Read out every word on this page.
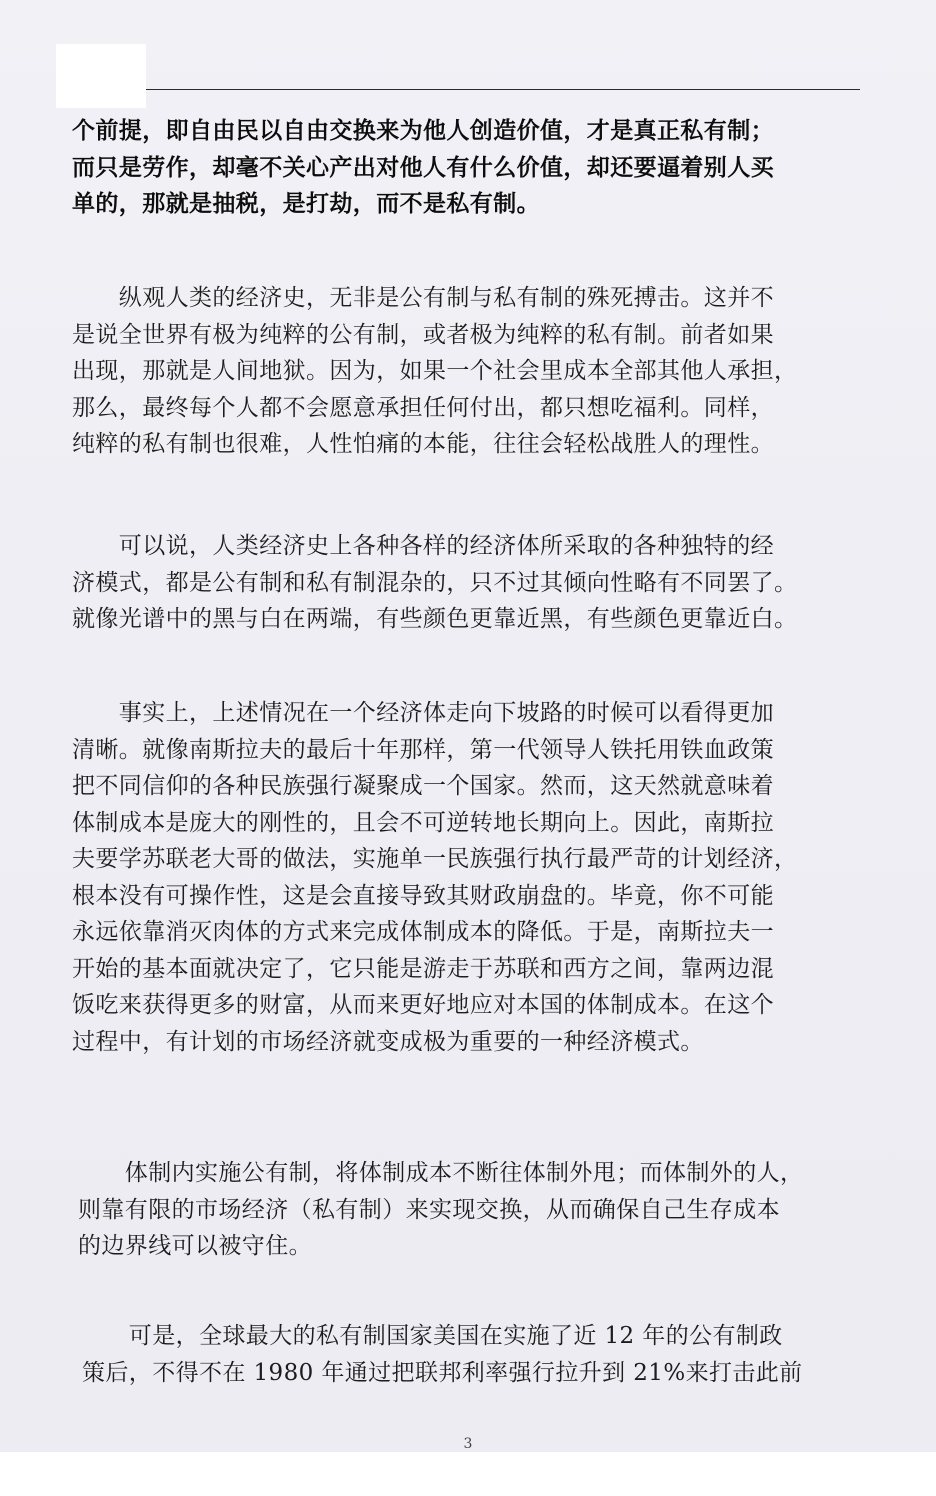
个前提，即自由民以自由交换来为他人创造价值，才是真正私有制；
而只是劳作，却毫不关心产出对他人有什么价值，却还要逼着别人买
单的，那就是抽税，是打劫，而不是私有制。
　　纵观人类的经济史，无非是公有制与私有制的殊死搏击。这并不
是说全世界有极为纯粹的公有制，或者极为纯粹的私有制。前者如果
出现，那就是人间地狱。因为，如果一个社会里成本全部其他人承担，
那么，最终每个人都不会愿意承担任何付出，都只想吃福利。同样，
纯粹的私有制也很难，人性怕痛的本能，往往会轻松战胜人的理性。
　　可以说，人类经济史上各种各样的经济体所采取的各种独特的经
济模式，都是公有制和私有制混杂的，只不过其倾向性略有不同罢了。
就像光谱中的黑与白在两端，有些颜色更靠近黑，有些颜色更靠近白。
　　事实上，上述情况在一个经济体走向下坡路的时候可以看得更加
清晰。就像南斯拉夫的最后十年那样，第一代领导人铁托用铁血政策
把不同信仰的各种民族强行凝聚成一个国家。然而，这天然就意味着
体制成本是庞大的刚性的，且会不可逆转地长期向上。因此，南斯拉
夫要学苏联老大哥的做法，实施单一民族强行执行最严苛的计划经济，
根本没有可操作性，这是会直接导致其财政崩盘的。毕竟，你不可能
永远依靠消灭肉体的方式来完成体制成本的降低。于是，南斯拉夫一
开始的基本面就决定了，它只能是游走于苏联和西方之间，靠两边混
饭吃来获得更多的财富，从而来更好地应对本国的体制成本。在这个
过程中，有计划的市场经济就变成极为重要的一种经济模式。
　　体制内实施公有制，将体制成本不断往体制外甩；而体制外的人，
则靠有限的市场经济（私有制）来实现交换，从而确保自己生存成本
的边界线可以被守住。
　　可是，全球最大的私有制国家美国在实施了近 12 年的公有制政
策后，不得不在 1980 年通过把联邦利率强行拉升到 21%来打击此前
3
